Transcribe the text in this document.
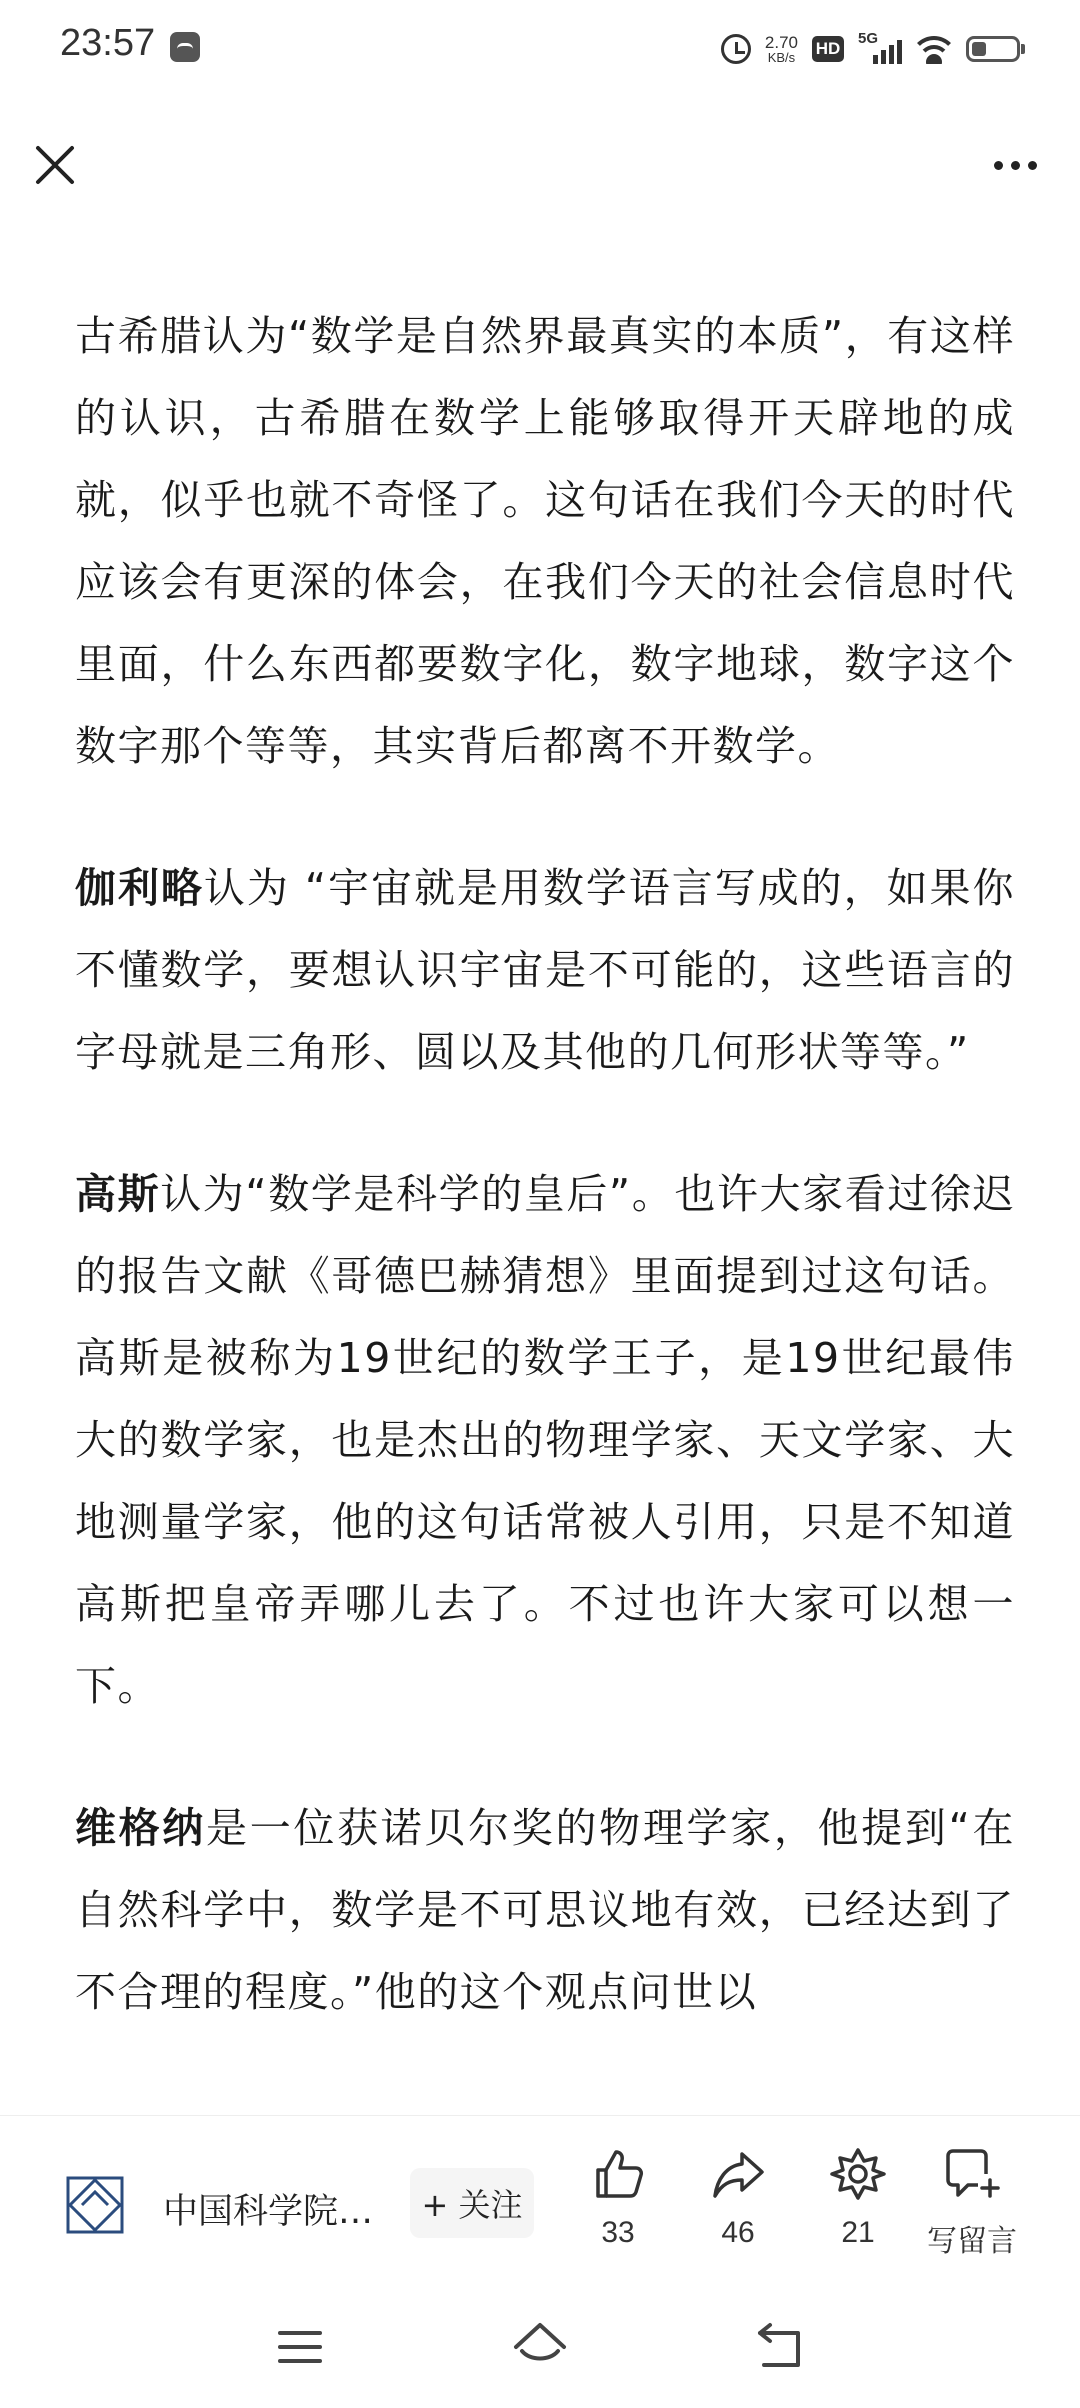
23:57	2.70
KB/s HD
5G

古希腊认为“数学是自然界最真实的本质”，有这样的认识，古希腊在数学上能够取得开天辟地的成就，似乎也就不奇怪了。这句话在我们今天的时代应该会有更深的体会，在我们今天的社会信息时代里面，什么东西都要数字化，数字地球，数字这个数字那个等等，其实背后都离不开数学。

伽利略认为 “宇宙就是用数学语言写成的，如果你不懂数学，要想认识宇宙是不可能的，这些语言的字母就是三角形、圆以及其他的几何形状等等。”

高斯认为“数学是科学的皇后”。也许大家看过徐迟的报告文献《哥德巴赫猜想》里面提到过这句话。高斯是被称为19世纪的数学王子，是19世纪最伟大的数学家，也是杰出的物理学家、天文学家、大地测量学家，他的这句话常被人引用，只是不知道高斯把皇帝弄哪儿去了。不过也许大家可以想一下。

维格纳是一位获诺贝尔奖的物理学家，他提到“在自然科学中，数学是不可思议地有效，已经达到了不合理的程度。”他的这个观点问世以

中国科学院…	+ 关注
33	46	21 写留言
